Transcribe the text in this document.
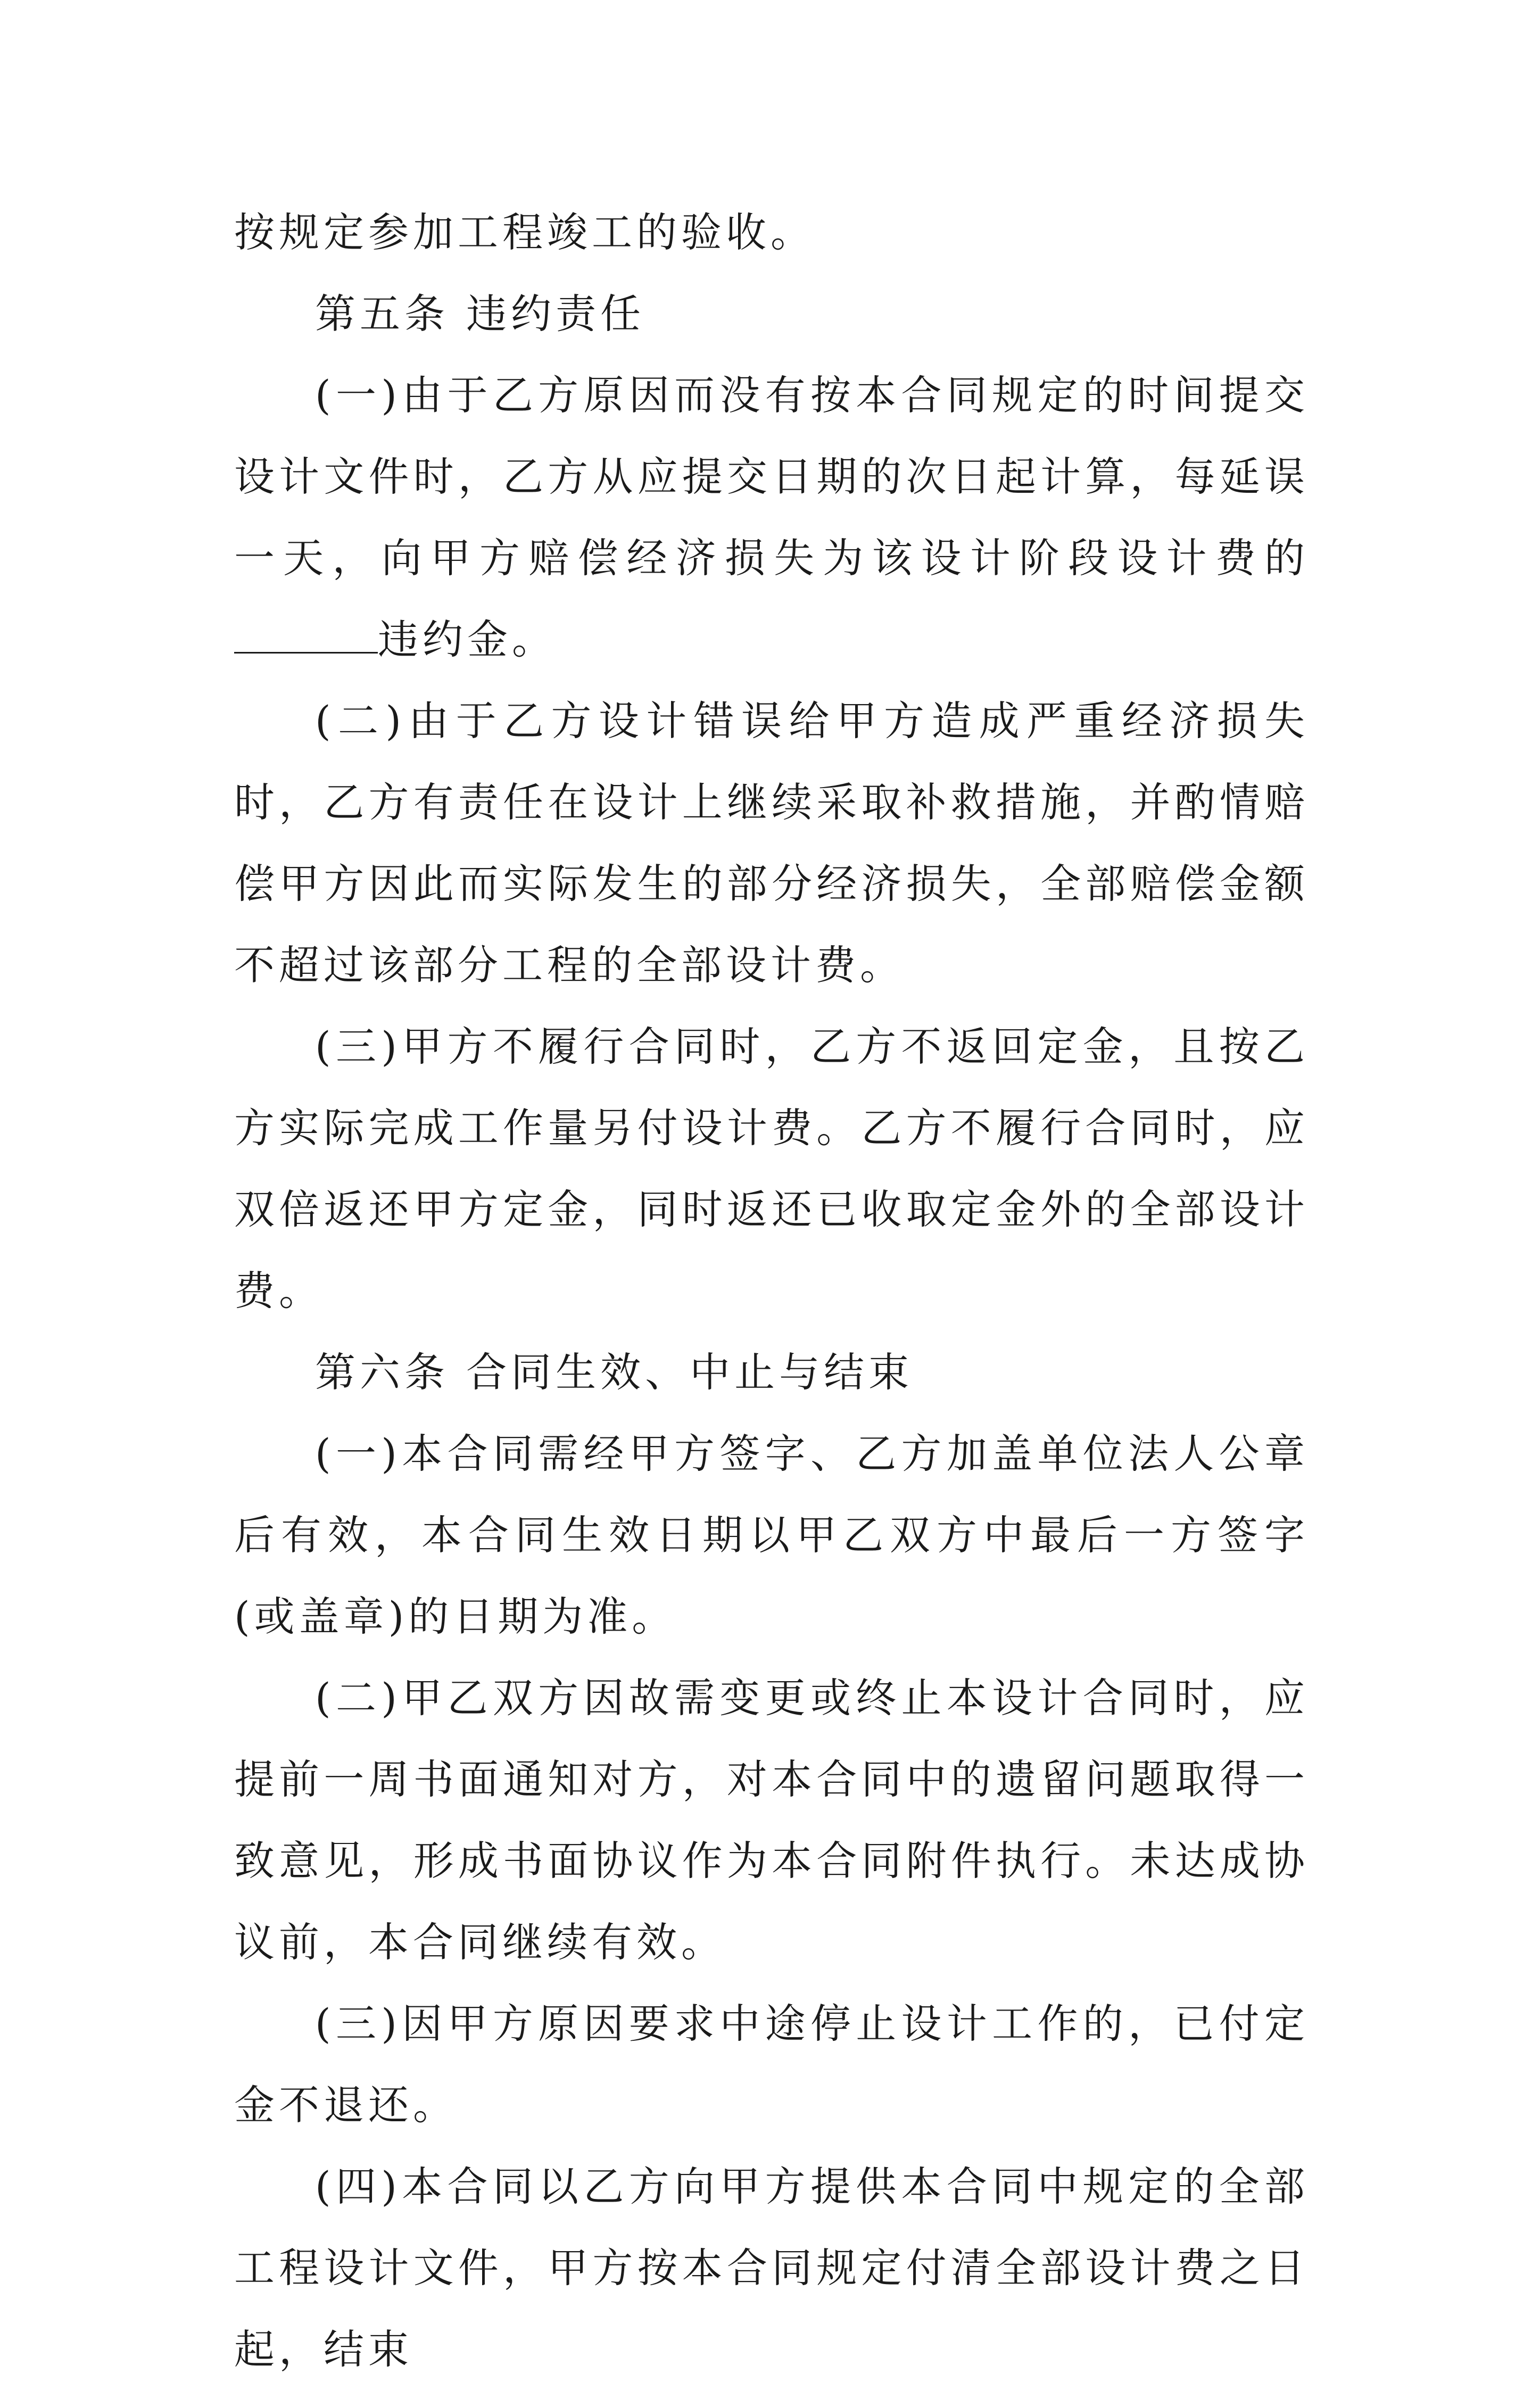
按规定参加工程竣工的验收。

第五条 违约责任

(一)由于乙方原因而没有按本合同规定的时间提交设计文件时，乙方从应提交日期的次日起计算，每延误一天，向甲方赔偿经济损失为该设计阶段设计费的违约金。

(二)由于乙方设计错误给甲方造成严重经济损失时，乙方有责任在设计上继续采取补救措施，并酌情赔偿甲方因此而实际发生的部分经济损失，全部赔偿金额不超过该部分工程的全部设计费。

(三)甲方不履行合同时，乙方不返回定金，且按乙方实际完成工作量另付设计费。乙方不履行合同时，应双倍返还甲方定金，同时返还已收取定金外的全部设计费。

第六条 合同生效、中止与结束

(一)本合同需经甲方签字、乙方加盖单位法人公章后有效，本合同生效日期以甲乙双方中最后一方签字(或盖章)的日期为准。

(二)甲乙双方因故需变更或终止本设计合同时，应提前一周书面通知对方，对本合同中的遗留问题取得一致意见，形成书面协议作为本合同附件执行。未达成协议前，本合同继续有效。

(三)因甲方原因要求中途停止设计工作的，已付定金不退还。

(四)本合同以乙方向甲方提供本合同中规定的全部工程设计文件，甲方按本合同规定付清全部设计费之日起，结束
